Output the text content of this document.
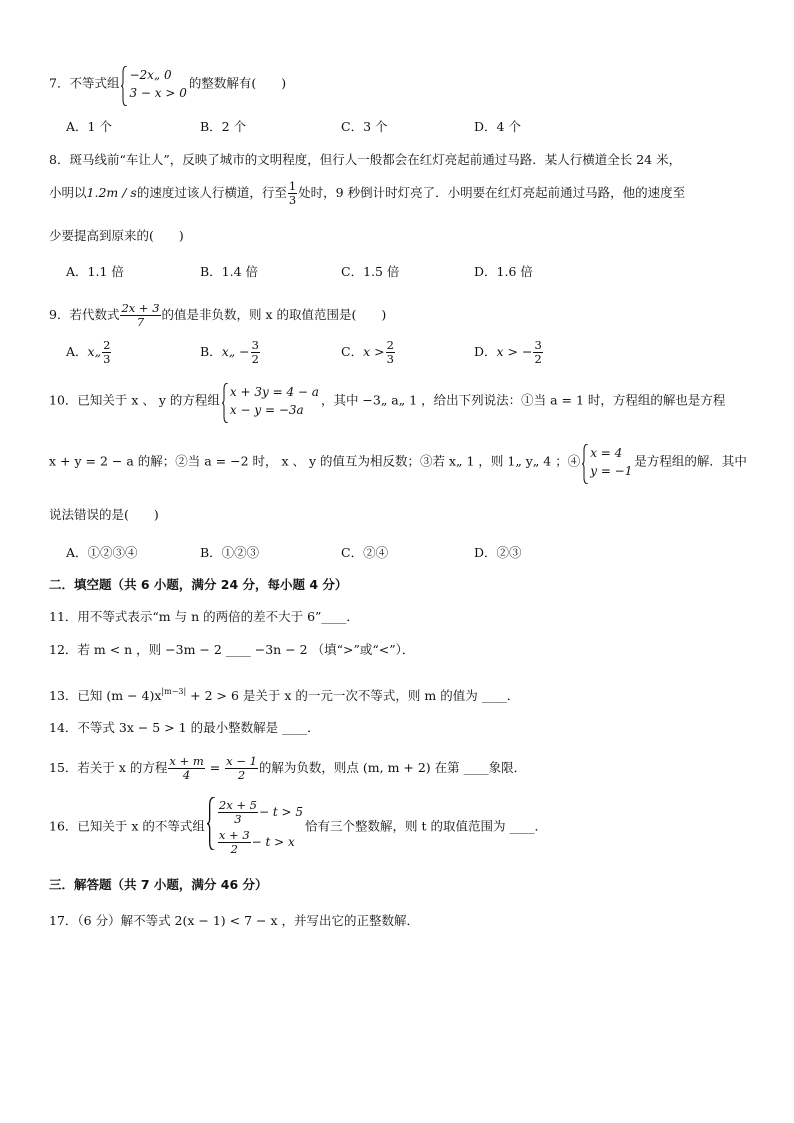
7．不等式组
−2x„ 0
3 − x > 0
的整数解有(　　)
A．1 个	B．2 个	C．3 个	D．4 个
8．斑马线前“车让人”，反映了城市的文明程度，但行人一般都会在红灯亮起前通过马路．某人行横道全长 24 米，
小明以1.2m / s的速度过该人行横道，行至 $\frac{1}{3}$ 处时，9 秒倒计时灯亮了．小明要在红灯亮起前通过马路，他的速度至
少要提高到原来的(　　)
A．1.1 倍	B．1.4 倍	C．1.5 倍	D．1.6 倍
9．若代数式 $\frac{2x + 3}{7}$ 的值是非负数，则 x 的取值范围是(　　)
A．x„ $\frac{2}{3}$	B．x„ − $\frac{3}{2}$	C．$x > \frac{2}{3}$	D．x > − $\frac{3}{2}$
10．已知关于 x 、 y 的方程组
x + 3y = 4 − a
x − y = −3a
，其中 −3„ a„ 1 ，给出下列说法：①当 a = 1 时，方程组的解也是方程
x + y = 2 − a 的解；②当 a = −2 时， x 、 y 的值互为相反数；③若 x„ 1 ，则 1„ y„ 4 ；④
x = 4
y = −1
是方程组的解．其中
说法错误的是(　　)
A．①②③④	B．①②③	C．②④	D．②③
二．填空题（共 6 小题，满分 24 分，每小题 4 分）
11．用不等式表示“m 与 n 的两倍的差不大于 6”____．
12．若 m < n ，则 −3m − 2 ____ −3n − 2 （填“>”或“<”）．
13．已知 $(m - 4)x^{|m-3|} + 2 > 6$ 是关于 x 的一元一次不等式，则 m 的值为 ____．
14．不等式 3x − 5 > 1 的最小整数解是 ____．
15．若关于 x 的方程 $\frac{x + m}{4} = \frac{x - 1}{2}$ 的解为负数，则点 (m, m + 2) 在第 ____象限．
16．已知关于 x 的不等式组 $\frac{2x + 5}{3} - t > 5$
$\frac{x + 3}{2} - t > x$
恰有三个整数解，则 t 的取值范围为 ____．
三．解答题（共 7 小题，满分 46 分）
17．（6 分）解不等式 2(x − 1) < 7 − x ，并写出它的正整数解．
